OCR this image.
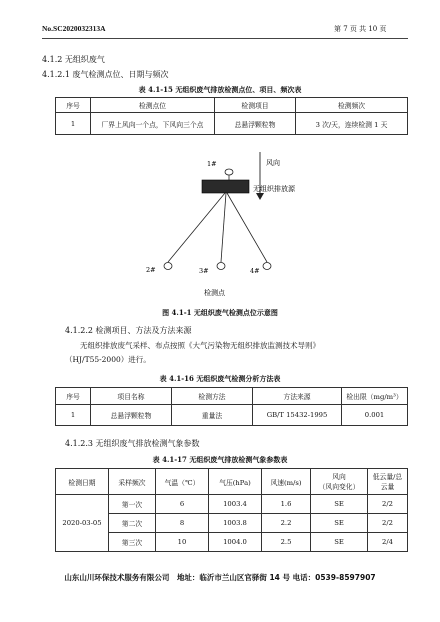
No.SC2020032313A	第 7 页 共 10 页
4.1.2 无组织废气
4.1.2.1 废气检测点位、日期与频次
表 4.1-15 无组织废气排放检测点位、项目、频次表
序号	检测点位	检测项目	检测频次
1	厂界上风向一个点，下风向三个点	总悬浮颗粒物	3 次/天，连续检测 1 天
1#	风向
无组织排放源
2#	3#	4#
检测点
图 4.1-1 无组织废气检测点位示意图
4.1.2.2 检测项目、方法及方法来源
无组织排放废气采样、布点按照《大气污染物无组织排放监测技术导则》
（HJ/T55-2000）进行。
表 4.1-16 无组织废气检测分析方法表
序号	项目名称	检测方法	方法来源	检出限（mg/m³）
1	总悬浮颗粒物	重量法	GB/T 15432-1995	0.001
4.1.2.3 无组织废气排放检测气象参数
表 4.1-17 无组织废气排放检测气象参数表
检测日期	采样频次	气温（℃）	气压(hPa)	风速(m/s)	风向
（风向变化）	低云量/总
云量
2020-03-05	第一次	6	1003.4	1.6	SE	2/2
	第二次	8	1003.8	2.2	SE	2/2
	第三次	10	1004.0	2.5	SE	2/4
山东山川环保技术服务有限公司　地址：临沂市兰山区官驿街 14 号 电话：0539-8597907
